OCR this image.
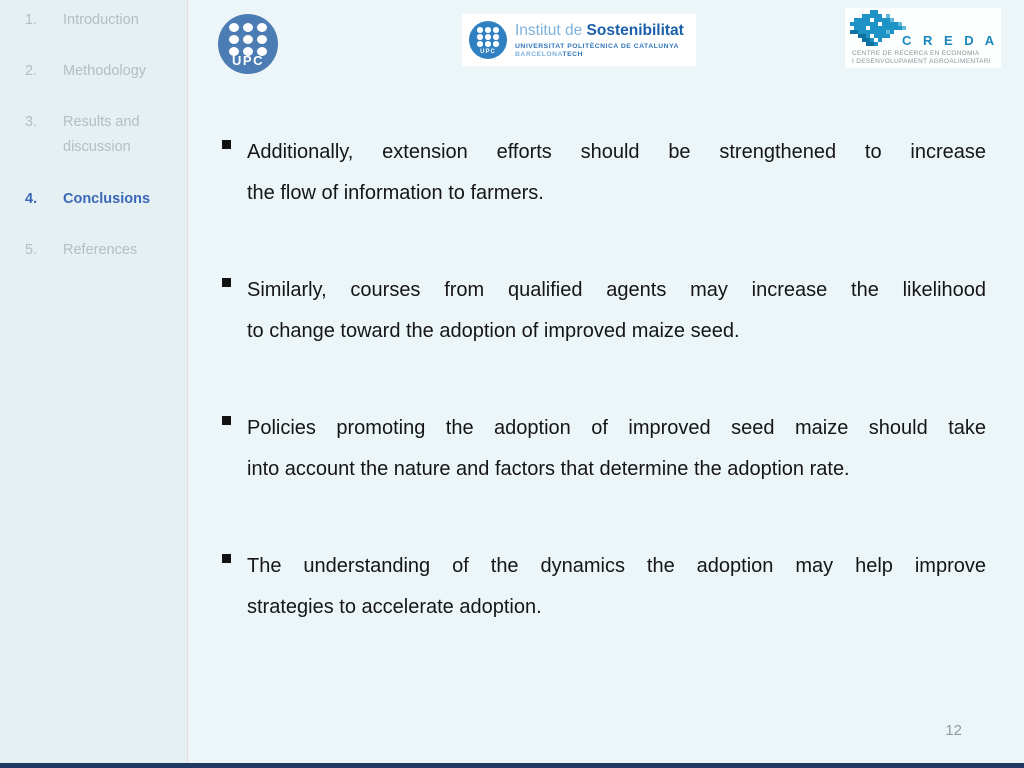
1.	Introduction
2.	Methodology
3.	Results and discussion
4.	Conclusions
5.	References
UPC
UPC
Institut de Sostenibilitat
UNIVERSITAT POLITÈCNICA DE CATALUNYA
BARCELONATECH
C R E D A
CENTRE DE RECERCA EN ECONOMIA
I DESENVOLUPAMENT AGROALIMENTARI
Additionally, extension efforts should be strengthened to increase
the flow of information to farmers.
Similarly, courses from qualified agents may increase the likelihood
to change toward the adoption of improved maize seed.
Policies promoting the adoption of improved seed maize should take
into account the nature and factors that determine the adoption rate.
The understanding of the dynamics the adoption may help improve
strategies to accelerate adoption.
12
